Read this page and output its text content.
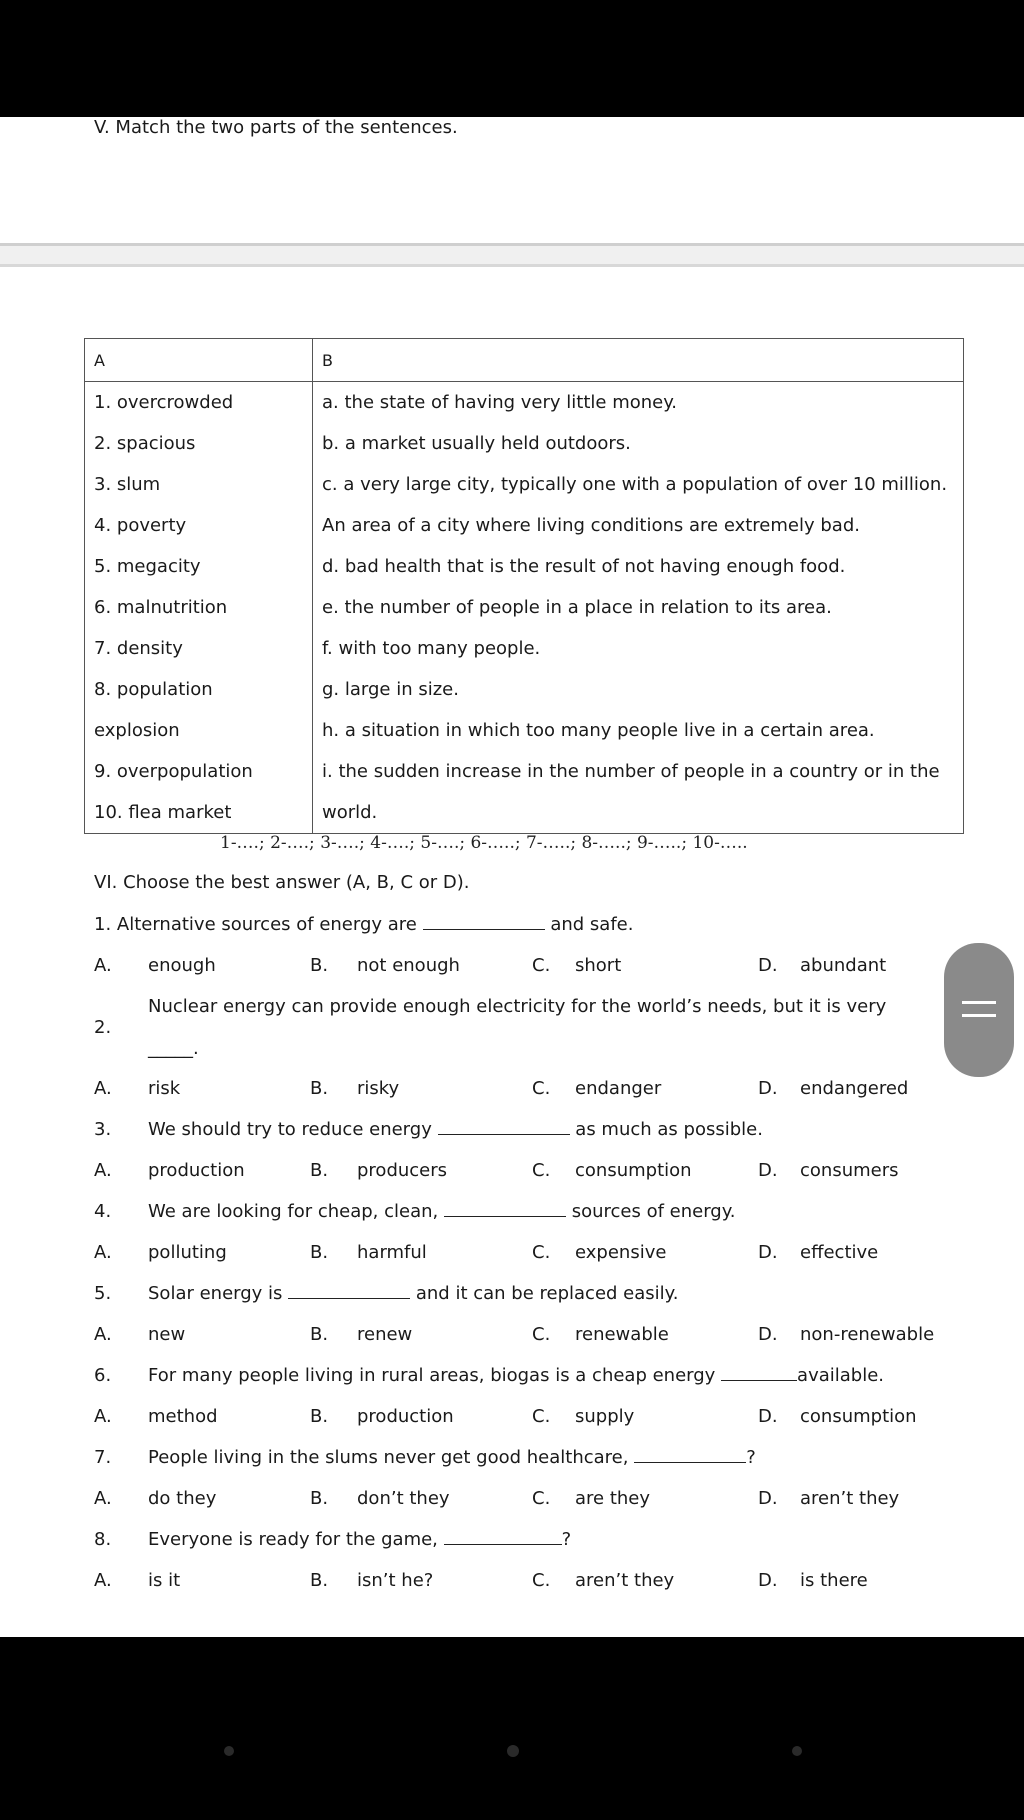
V. Match the two parts of the sentences.
A	B
1. overcrowded	a. the state of having very little money.
2. spacious	b. a market usually held outdoors.
3. slum	c. a very large city, typically one with a population of over 10 million.
4. poverty	An area of a city where living conditions are extremely bad.
5. megacity	d. bad health that is the result of not having enough food.
6. malnutrition	e. the number of people in a place in relation to its area.
7. density	f. with too many people.
8. population	g. large in size.
explosion	h. a situation in which too many people live in a certain area.
9. overpopulation	i. the sudden increase in the number of people in a country or in the
10. flea market	world.
1-….; 2-….; 3-….; 4-….; 5-….; 6-…..; 7-…..; 8-…..; 9-…..; 10-…..
VI. Choose the best answer (A, B, C or D).
1. Alternative sources of energy are	and safe.
A. enough	B. not enough	C. short	D. abundant
Nuclear energy can provide enough electricity for the world’s needs, but it is very
2.
_____.
A. risk	B. risky	C. endanger	D. endangered
3. We should try to reduce energy	as much as possible.
A. production	B. producers	C. consumption	D. consumers
4. We are looking for cheap, clean,	sources of energy.
A. polluting	B. harmful	C. expensive	D. effective
5. Solar energy is	and it can be replaced easily.
A. new	B. renew	C. renewable	D. non-renewable
6. For many people living in rural areas, biogas is a cheap energy	available.
A. method	B. production	C. supply	D. consumption
7. People living in the slums never get good healthcare,	?
A. do they	B. don’t they	C. are they	D. aren’t they
8. Everyone is ready for the game,	?
A. is it	B. isn’t he?	C. aren’t they	D. is there
